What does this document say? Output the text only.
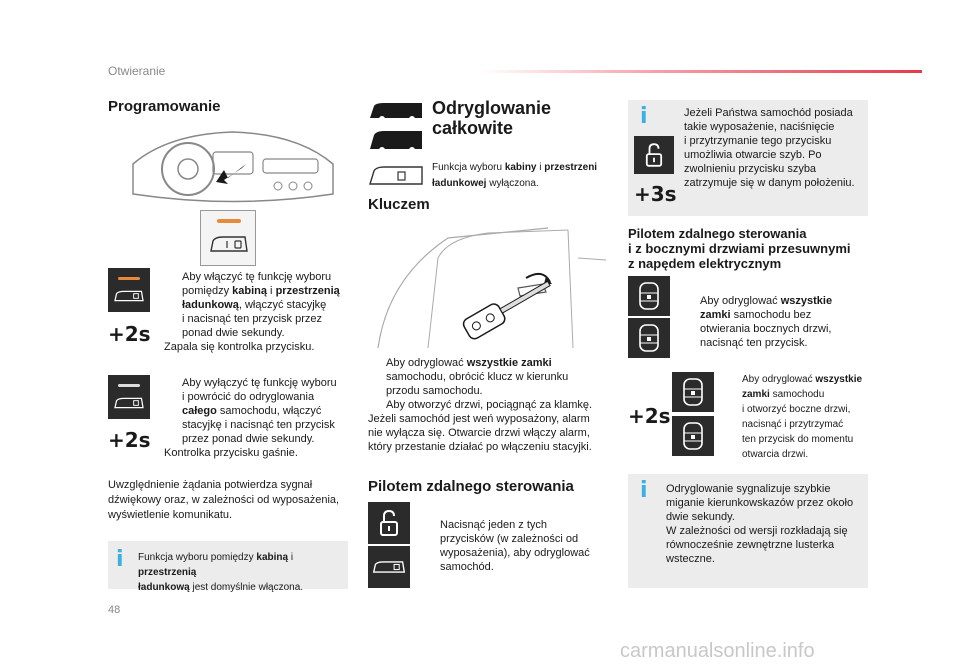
Otwieranie
Programowanie
+2s
Aby włączyć tę funkcję wyboru
pomiędzy kabiną i przestrzenią
ładunkową, włączyć stacyjkę
i nacisnąć ten przycisk przez
ponad dwie sekundy.
Zapala się kontrolka przycisku.
+2s
Aby wyłączyć tę funkcję wyboru
i powrócić do odryglowania
całego samochodu, włączyć
stacyjkę i nacisnąć ten przycisk
przez ponad dwie sekundy.
Kontrolka przycisku gaśnie.
Uwzględnienie żądania potwierdza sygnał
dźwiękowy oraz, w zależności od wyposażenia,
wyświetlenie komunikatu.
i Funkcja wyboru pomiędzy kabiną i przestrzenią
ładunkową jest domyślnie włączona.
Odryglowanie
całkowite
Funkcja wyboru kabiny i przestrzeni
ładunkowej wyłączona.
Kluczem
Aby odryglować wszystkie zamki
samochodu, obrócić klucz w kierunku
przodu samochodu.
Aby otworzyć drzwi, pociągnąć za klamkę.
Jeżeli samochód jest weń wyposażony, alarm
nie wyłącza się. Otwarcie drzwi włączy alarm,
który przestanie działać po włączeniu stacyjki.
Pilotem zdalnego sterowania
Nacisnąć jeden z tych
przycisków (w zależności od
wyposażenia), aby odryglować
samochód.
i
+3s
Jeżeli Państwa samochód posiada
takie wyposażenie, naciśnięcie
i przytrzymanie tego przycisku
umożliwia otwarcie szyb. Po
zwolnieniu przycisku szyba
zatrzymuje się w danym położeniu.
Pilotem zdalnego sterowania
i z bocznymi drzwiami przesuwnymi
z napędem elektrycznym
Aby odryglować wszystkie
zamki samochodu bez
otwierania bocznych drzwi,
nacisnąć ten przycisk.
+2s
Aby odryglować wszystkie
zamki samochodu
i otworzyć boczne drzwi,
nacisnąć i przytrzymać
ten przycisk do momentu
otwarcia drzwi.
i Odryglowanie sygnalizuje szybkie
miganie kierunkowskazów przez około
dwie sekundy.
W zależności od wersji rozkładają się
równocześnie zewnętrzne lusterka
wsteczne.
48
carmanualsonline.info
